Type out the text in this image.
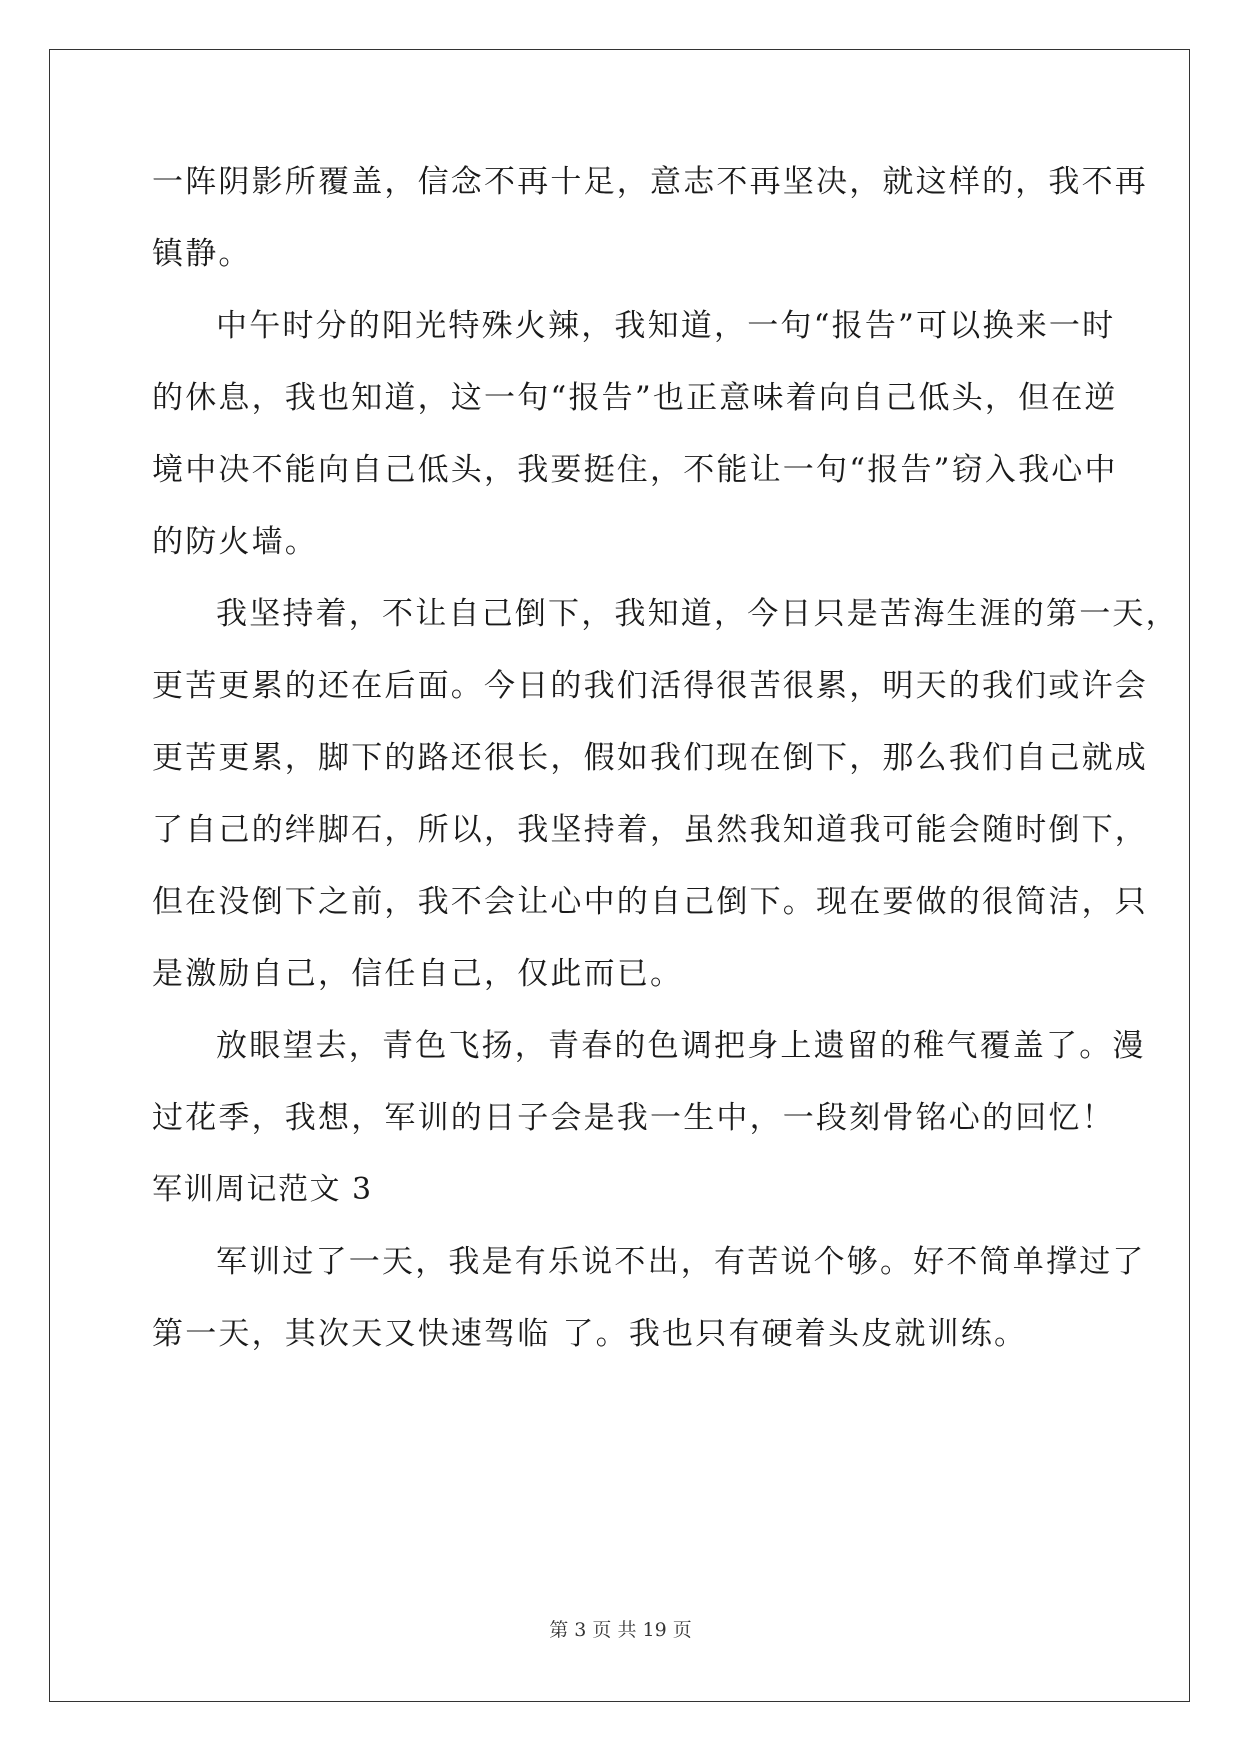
一阵阴影所覆盖，信念不再十足，意志不再坚决，就这样的，我不再
镇静。
中午时分的阳光特殊火辣，我知道，一句“报告”可以换来一时
的休息，我也知道，这一句“报告”也正意味着向自己低头，但在逆
境中决不能向自己低头，我要挺住，不能让一句“报告”窃入我心中
的防火墙。
我坚持着，不让自己倒下，我知道，今日只是苦海生涯的第一天，
更苦更累的还在后面。今日的我们活得很苦很累，明天的我们或许会
更苦更累，脚下的路还很长，假如我们现在倒下，那么我们自己就成
了自己的绊脚石，所以，我坚持着，虽然我知道我可能会随时倒下，
但在没倒下之前，我不会让心中的自己倒下。现在要做的很简洁，只
是激励自己，信任自己，仅此而已。
放眼望去，青色飞扬，青春的色调把身上遗留的稚气覆盖了。漫
过花季，我想，军训的日子会是我一生中，一段刻骨铭心的回忆！
军训周记范文 3
军训过了一天，我是有乐说不出，有苦说个够。好不简单撑过了
第一天，其次天又快速驾临 了。我也只有硬着头皮就训练。
第 3 页 共 19 页
